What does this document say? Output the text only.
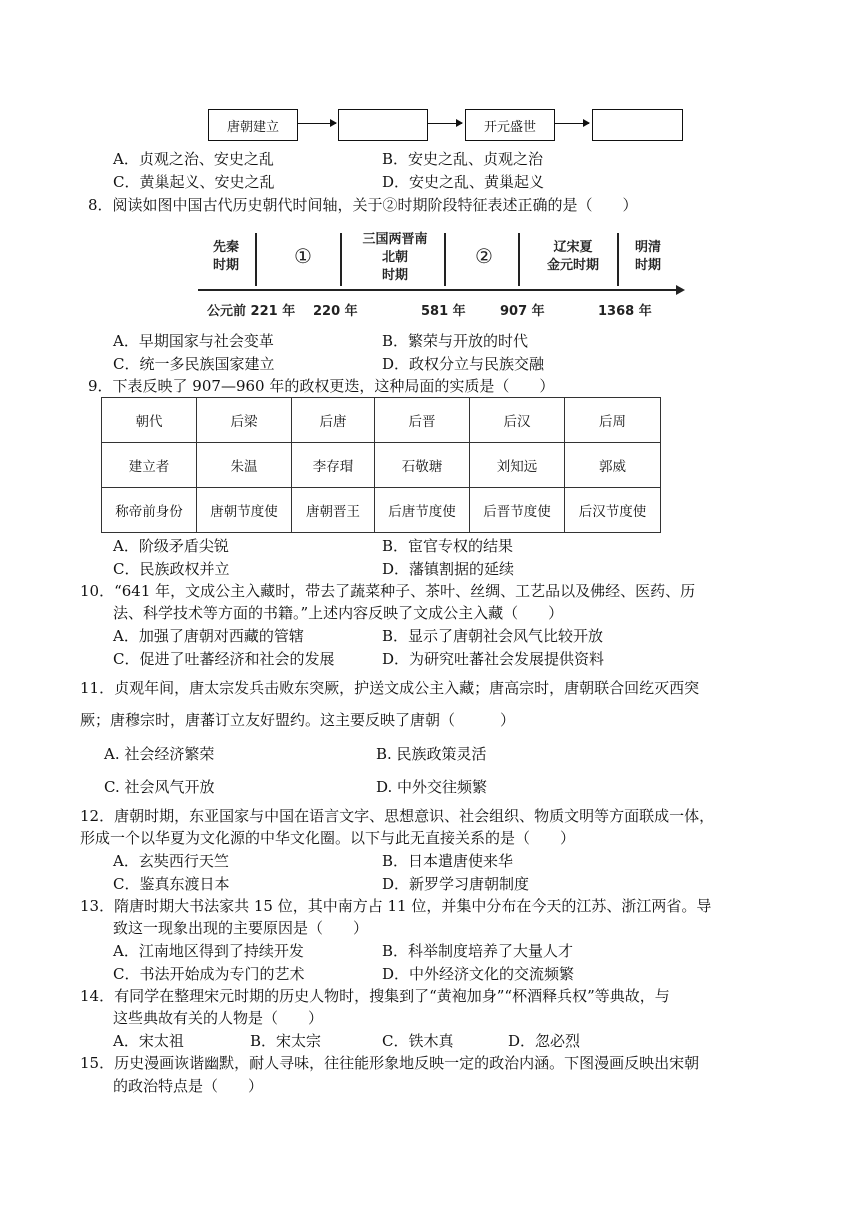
唐朝建立	开元盛世
A．贞观之治、安史之乱	B．安史之乱、贞观之治
C．黄巢起义、安史之乱	D．安史之乱、黄巢起义
8．阅读如图中国古代历史朝代时间轴，关于②时期阶段特征表述正确的是（　　）
先秦
时期	①
三国两晋南
北朝
时期
②	辽宋夏
金元时期
明清
时期
公元前 221 年 220 年	581 年	907 年	1368 年
A．早期国家与社会变革	B．繁荣与开放的时代
C．统一多民族国家建立	D．政权分立与民族交融
9．下表反映了 907—960 年的政权更迭，这种局面的实质是（　　）
朝代	后梁	后唐	后晋	后汉	后周
建立者	朱温	李存瑁	石敬瑭	刘知远	郭威
称帝前身份	唐朝节度使	唐朝晋王	后唐节度使	后晋节度使	后汉节度使
A．阶级矛盾尖锐	B．宦官专权的结果
C．民族政权并立	D．藩镇割据的延续
10．“641 年，文成公主入藏时，带去了蔬菜种子、茶叶、丝绸、工艺品以及佛经、医药、历
法、科学技术等方面的书籍。”上述内容反映了文成公主入藏（　　）
A．加强了唐朝对西藏的管辖	B．显示了唐朝社会风气比较开放
C．促进了吐蕃经济和社会的发展	D．为研究吐蕃社会发展提供资料
11．贞观年间，唐太宗发兵击败东突厥，护送文成公主入藏；唐高宗时，唐朝联合回纥灭西突
厥；唐穆宗时，唐蕃订立友好盟约。这主要反映了唐朝（　　　）
A. 社会经济繁荣	B. 民族政策灵活
C. 社会风气开放	D. 中外交往频繁
12．唐朝时期，东亚国家与中国在语言文字、思想意识、社会组织、物质文明等方面联成一体，
形成一个以华夏为文化源的中华文化圈。以下与此无直接关系的是（　　）
A．玄奘西行天竺	B．日本遣唐使来华
C．鉴真东渡日本	D．新罗学习唐朝制度
13．隋唐时期大书法家共 15 位，其中南方占 11 位，并集中分布在今天的江苏、浙江两省。导
致这一现象出现的主要原因是（　　）
A．江南地区得到了持续开发	B．科举制度培养了大量人才
C．书法开始成为专门的艺术	D．中外经济文化的交流频繁
14．有同学在整理宋元时期的历史人物时，搜集到了“黄袍加身”“杯酒释兵权”等典故，与
这些典故有关的人物是（　　）
A．宋太祖	B．宋太宗	C．铁木真	D．忽必烈
15．历史漫画诙谐幽默，耐人寻味，往往能形象地反映一定的政治内涵。下图漫画反映出宋朝
的政治特点是（　　）
